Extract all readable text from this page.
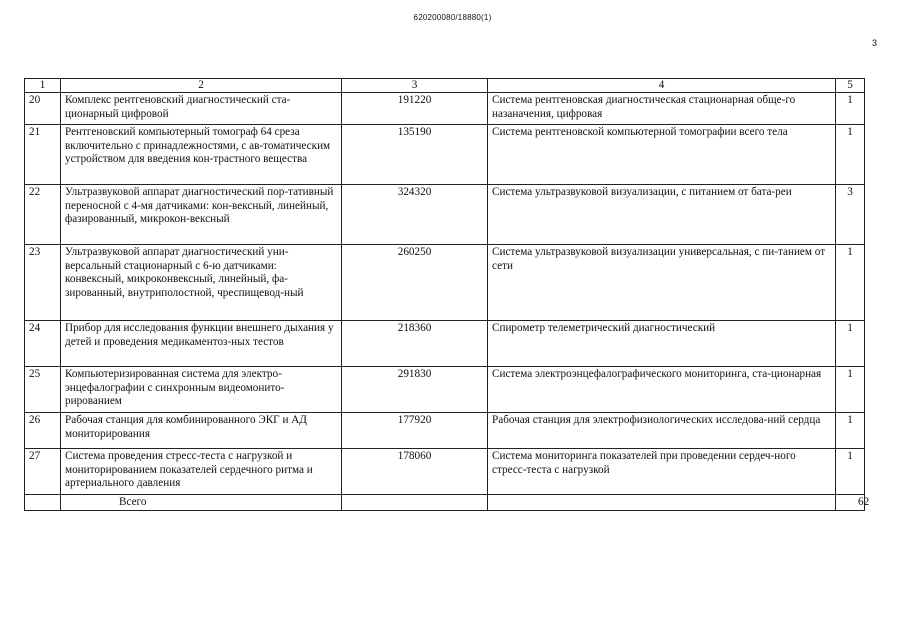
620200080/18880(1)
3
1	2	3	4	5
20	Комплекс рентгеновский диагностический ста-ционарный цифровой	191220	Система рентгеновская диагностическая стационарная обще-го назанaчения, цифровая	1
21	Рентгеновский компьютерный томограф 64 среза включительно с принадлежностями, с ав-томатическим устройством для введения кон-трастного вещества	135190	Система рентгеновской компьютерной томографии всего тела	1
22	Ультразвуковой аппарат диагностический пор-тативный переносной с 4-мя датчиками: кон-вексный, линейный, фазированный, микрокон-вексный	324320	Система ультразвуковой визуализации, с питанием от бата-реи	3
23	Ультразвуковой аппарат диагностический уни-версальный стационарный с 6-ю датчиками: конвексный, микроконвексный, линейный, фа-зированный, внутриполостной, чреспищевод-ный	260250	Система ультразвуковой визуализации универсальная, с пи-танием от сети	1
24	Прибор для исследования функции внешнего дыхания у детей и проведения медикаментоз-ных тестов	218360	Спирометр телеметрический диагностический	1
25	Компьютеризированная система для электро-энцефалографии с синхронным видеомонито-рированием	291830	Система электроэнцефалографического мониторинга, ста-ционарная	1
26	Рабочая станция для комбинированного ЭКГ и АД мониторирования	177920	Рабочая станция для электрофизиологических исследова-ний сердца	1
27	Система проведения стресс-теста с нагрузкой и мониторированием показателей сердечного ритма и артериального давления	178060	Система мониторинга показателей при проведении сердеч-ного стресс-теста с нагрузкой	1
	Всего			62
